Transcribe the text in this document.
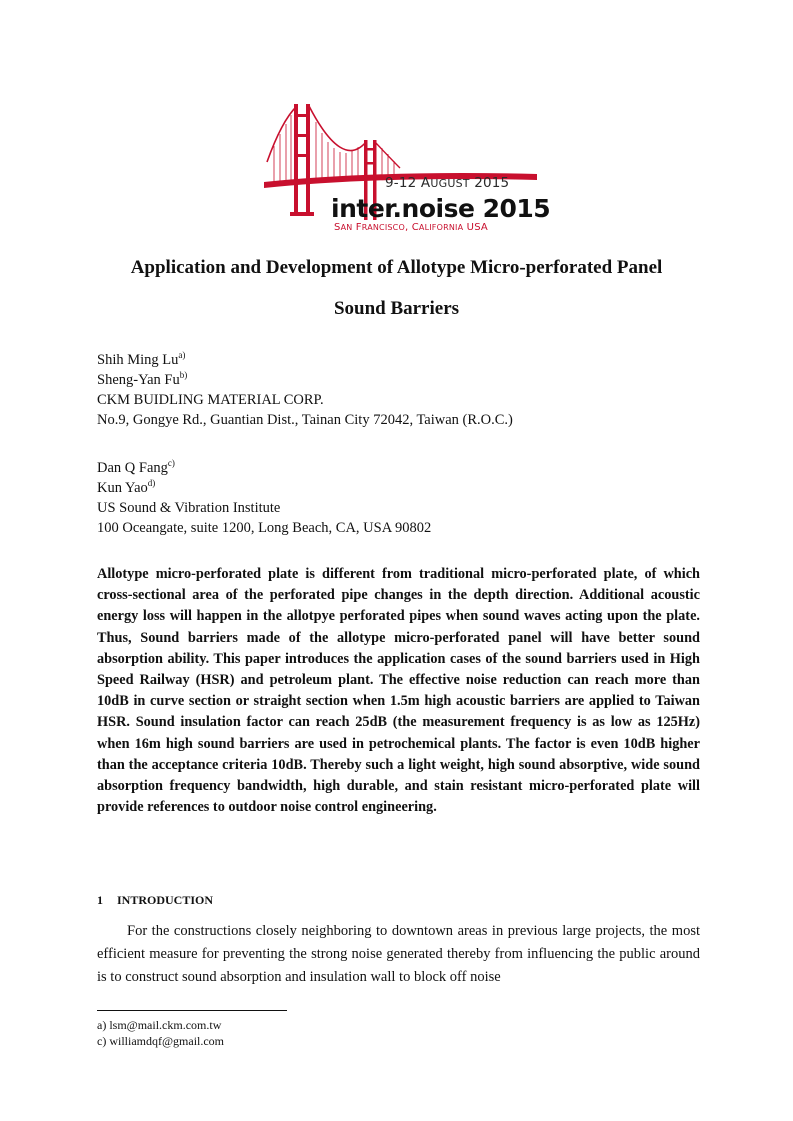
9-12 AUGUST 2015
inter.noise 2015
SAN FRANCISCO, CALIFORNIA USA
Application and Development of Allotype Micro-perforated Panel
Sound Barriers
Shih Ming Lu$^{a)}$
Sheng-Yan Fu$^{b)}$
CKM BUIDLING MATERIAL CORP.
No.9, Gongye Rd., Guantian Dist., Tainan City 72042, Taiwan (R.O.C.)
Dan Q Fang$^{c)}$
Kun Yao$^{d)}$
US Sound & Vibration Institute
100 Oceangate, suite 1200, Long Beach, CA, USA 90802
Allotype micro-perforated plate is different from traditional micro-perforated plate, of which cross-sectional area of the perforated pipe changes in the depth direction. Additional acoustic energy loss will happen in the allotpye perforated pipes when sound waves acting upon the plate. Thus, Sound barriers made of the allotype micro-perforated panel will have better sound absorption ability. This paper introduces the application cases of the sound barriers used in High Speed Railway (HSR) and petroleum plant. The effective noise reduction can reach more than 10dB in curve section or straight section when 1.5m high acoustic barriers are applied to Taiwan HSR. Sound insulation factor can reach 25dB (the measurement frequency is as low as 125Hz) when 16m high sound barriers are used in petrochemical plants. The factor is even 10dB higher than the acceptance criteria 10dB. Thereby such a light weight, high sound absorptive, wide sound absorption frequency bandwidth, high durable, and stain resistant micro-perforated plate will provide references to outdoor noise control engineering.
1 INTRODUCTION
For the constructions closely neighboring to downtown areas in previous large projects, the most efficient measure for preventing the strong noise generated thereby from influencing the public around is to construct sound absorption and insulation wall to block off noise
a) lsm@mail.ckm.com.tw
c) williamdqf@gmail.com
